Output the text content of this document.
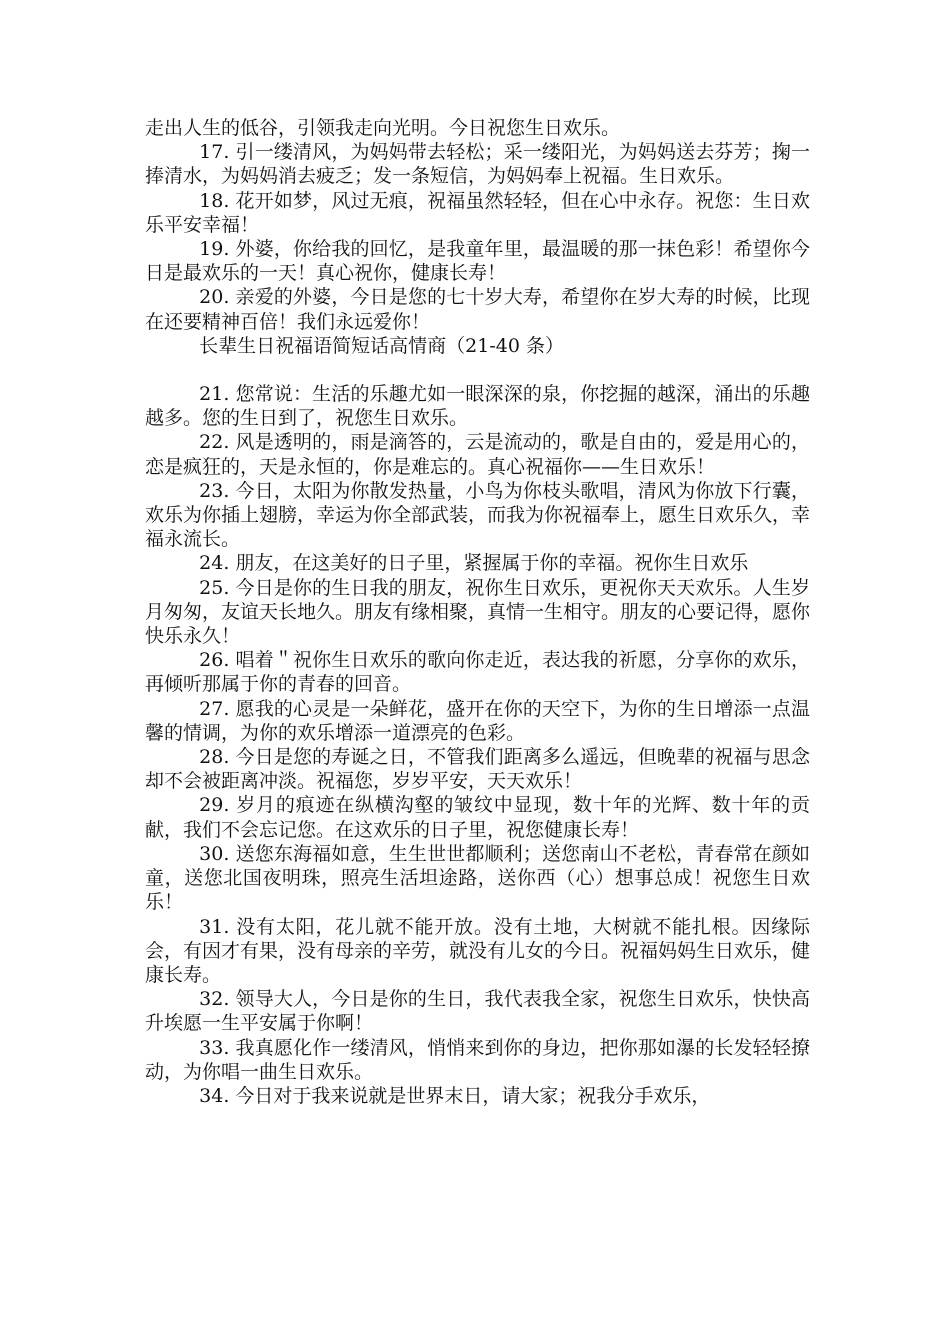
走出人生的低谷，引领我走向光明。今日祝您生日欢乐。

17. 引一缕清风，为妈妈带去轻松；采一缕阳光，为妈妈送去芬芳；掬一捧清水，为妈妈消去疲乏；发一条短信，为妈妈奉上祝福。生日欢乐。

18. 花开如梦，风过无痕，祝福虽然轻轻，但在心中永存。祝您：生日欢乐平安幸福！

19. 外婆，你给我的回忆，是我童年里，最温暖的那一抹色彩！希望你今日是最欢乐的一天！真心祝你，健康长寿！

20. 亲爱的外婆，今日是您的七十岁大寿，希望你在岁大寿的时候，比现在还要精神百倍！我们永远爱你！

长辈生日祝福语简短话高情商（21-40 条）

21. 您常说：生活的乐趣尤如一眼深深的泉，你挖掘的越深，涌出的乐趣越多。您的生日到了，祝您生日欢乐。

22. 风是透明的，雨是滴答的，云是流动的，歌是自由的，爱是用心的，恋是疯狂的，天是永恒的，你是难忘的。真心祝福你——生日欢乐！

23. 今日，太阳为你散发热量，小鸟为你枝头歌唱，清风为你放下行囊，欢乐为你插上翅膀，幸运为你全部武装，而我为你祝福奉上，愿生日欢乐久，幸福永流长。

24. 朋友，在这美好的日子里，紧握属于你的幸福。祝你生日欢乐

25. 今日是你的生日我的朋友，祝你生日欢乐，更祝你天天欢乐。人生岁月匆匆，友谊天长地久。朋友有缘相聚，真情一生相守。朋友的心要记得，愿你快乐永久！

26. 唱着＂祝你生日欢乐的歌向你走近，表达我的祈愿，分享你的欢乐，再倾听那属于你的青春的回音。

27. 愿我的心灵是一朵鲜花，盛开在你的天空下，为你的生日增添一点温馨的情调，为你的欢乐增添一道漂亮的色彩。

28. 今日是您的寿诞之日，不管我们距离多么遥远，但晚辈的祝福与思念却不会被距离冲淡。祝福您，岁岁平安，天天欢乐！

29. 岁月的痕迹在纵横沟壑的皱纹中显现，数十年的光辉、数十年的贡献，我们不会忘记您。在这欢乐的日子里，祝您健康长寿！

30. 送您东海福如意，生生世世都顺利；送您南山不老松，青春常在颜如童，送您北国夜明珠，照亮生活坦途路，送你西（心）想事总成！祝您生日欢乐！

31. 没有太阳，花儿就不能开放。没有土地，大树就不能扎根。因缘际会，有因才有果，没有母亲的辛劳，就没有儿女的今日。祝福妈妈生日欢乐，健康长寿。

32. 领导大人，今日是你的生日，我代表我全家，祝您生日欢乐，快快高升埃愿一生平安属于你啊！

33. 我真愿化作一缕清风，悄悄来到你的身边，把你那如瀑的长发轻轻撩动，为你唱一曲生日欢乐。

34. 今日对于我来说就是世界末日，请大家；祝我分手欢乐，
